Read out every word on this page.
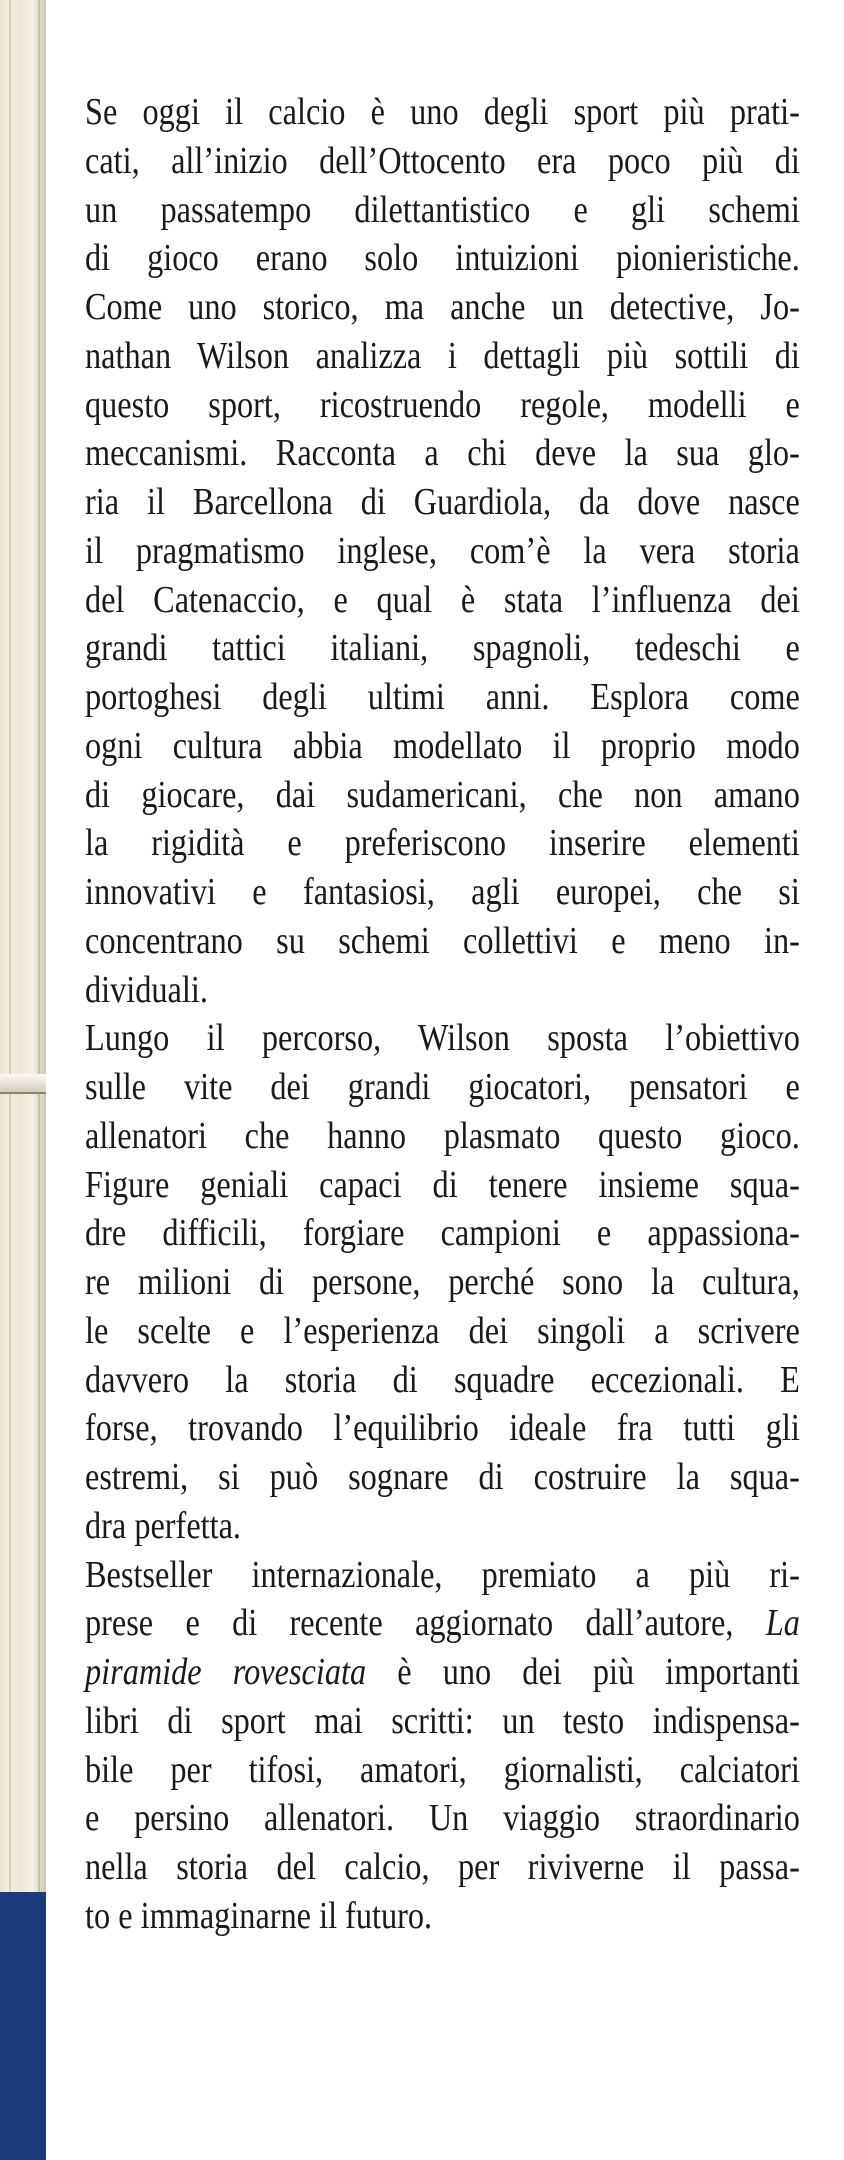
Se oggi il calcio è uno degli sport più prati-
cati, all’inizio dell’Ottocento era poco più di
un passatempo dilettantistico e gli schemi
di gioco erano solo intuizioni pionieristiche.
Come uno storico, ma anche un detective, Jo-
nathan Wilson analizza i dettagli più sottili di
questo sport, ricostruendo regole, modelli e
meccanismi. Racconta a chi deve la sua glo-
ria il Barcellona di Guardiola, da dove nasce
il pragmatismo inglese, com’è la vera storia
del Catenaccio, e qual è stata l’influenza dei
grandi tattici italiani, spagnoli, tedeschi e
portoghesi degli ultimi anni. Esplora come
ogni cultura abbia modellato il proprio modo
di giocare, dai sudamericani, che non amano
la rigidità e preferiscono inserire elementi
innovativi e fantasiosi, agli europei, che si
concentrano su schemi collettivi e meno in-
dividuali.
Lungo il percorso, Wilson sposta l’obiettivo
sulle vite dei grandi giocatori, pensatori e
allenatori che hanno plasmato questo gioco.
Figure geniali capaci di tenere insieme squa-
dre difficili, forgiare campioni e appassiona-
re milioni di persone, perché sono la cultura,
le scelte e l’esperienza dei singoli a scrivere
davvero la storia di squadre eccezionali. E
forse, trovando l’equilibrio ideale fra tutti gli
estremi, si può sognare di costruire la squa-
dra perfetta.
Bestseller internazionale, premiato a più ri-
prese e di recente aggiornato dall’autore, La
piramide rovesciata è uno dei più importanti
libri di sport mai scritti: un testo indispensa-
bile per tifosi, amatori, giornalisti, calciatori
e persino allenatori. Un viaggio straordinario
nella storia del calcio, per riviverne il passa-
to e immaginarne il futuro.
